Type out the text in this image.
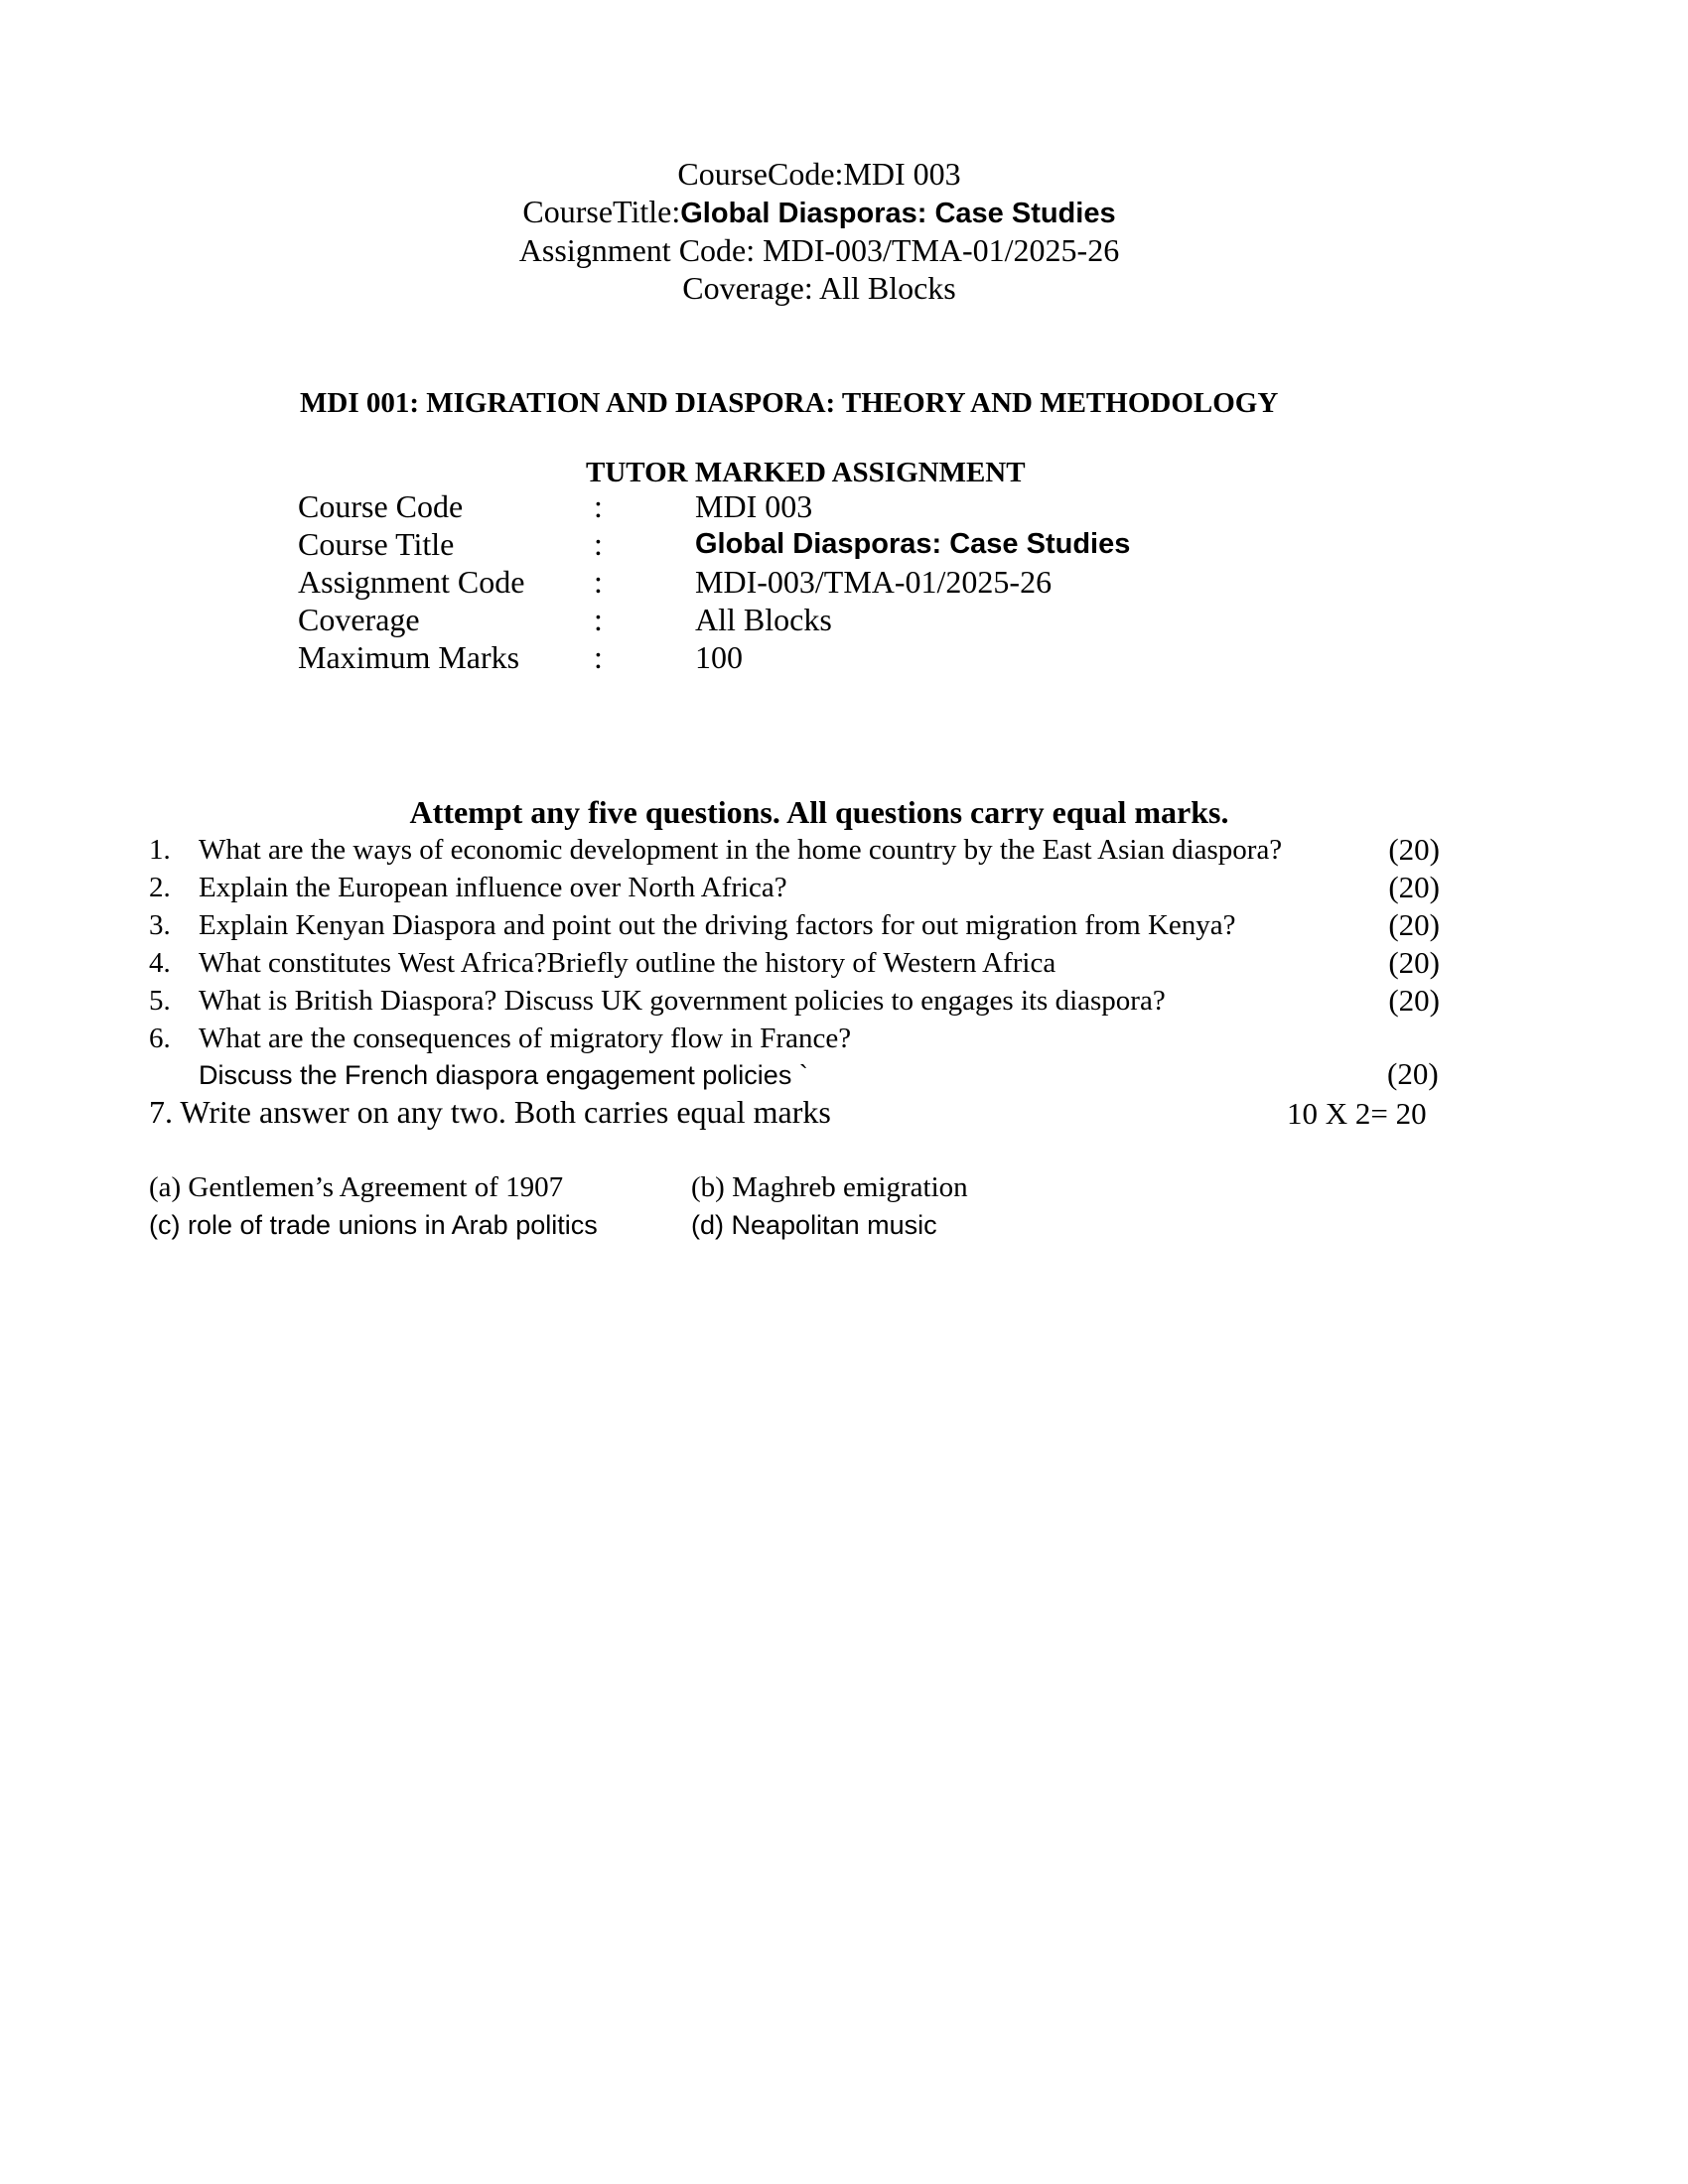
CourseCode:MDI 003
CourseTitle:Global Diasporas: Case Studies
Assignment Code: MDI-003/TMA-01/2025-26
Coverage: All Blocks
MDI 001: MIGRATION AND DIASPORA: THEORY AND METHODOLOGY
TUTOR MARKED ASSIGNMENT
Course Code	:	MDI 003
Course Title	:	Global Diasporas: Case Studies
Assignment Code	:	MDI-003/TMA-01/2025-26
Coverage	:	All Blocks
Maximum Marks	:	100
Attempt any five questions. All questions carry equal marks.
1. What are the ways of economic development in the home country by the East Asian diaspora?	(20)
2. Explain the European influence over North Africa?	(20)
3. Explain Kenyan Diaspora and point out the driving factors for out migration from Kenya?	(20)
4. What constitutes West Africa?Briefly outline the history of Western Africa	(20)
5. What is British Diaspora? Discuss UK government policies to engages its diaspora?	(20)
6. What are the consequences of migratory flow in France?
Discuss the French diaspora engagement policies `	(20)
7. Write answer on any two. Both carries equal marks	10 X 2= 20
(a) Gentlemen’s Agreement of 1907	(b) Maghreb emigration
(c) role of trade unions in Arab politics	(d) Neapolitan music
